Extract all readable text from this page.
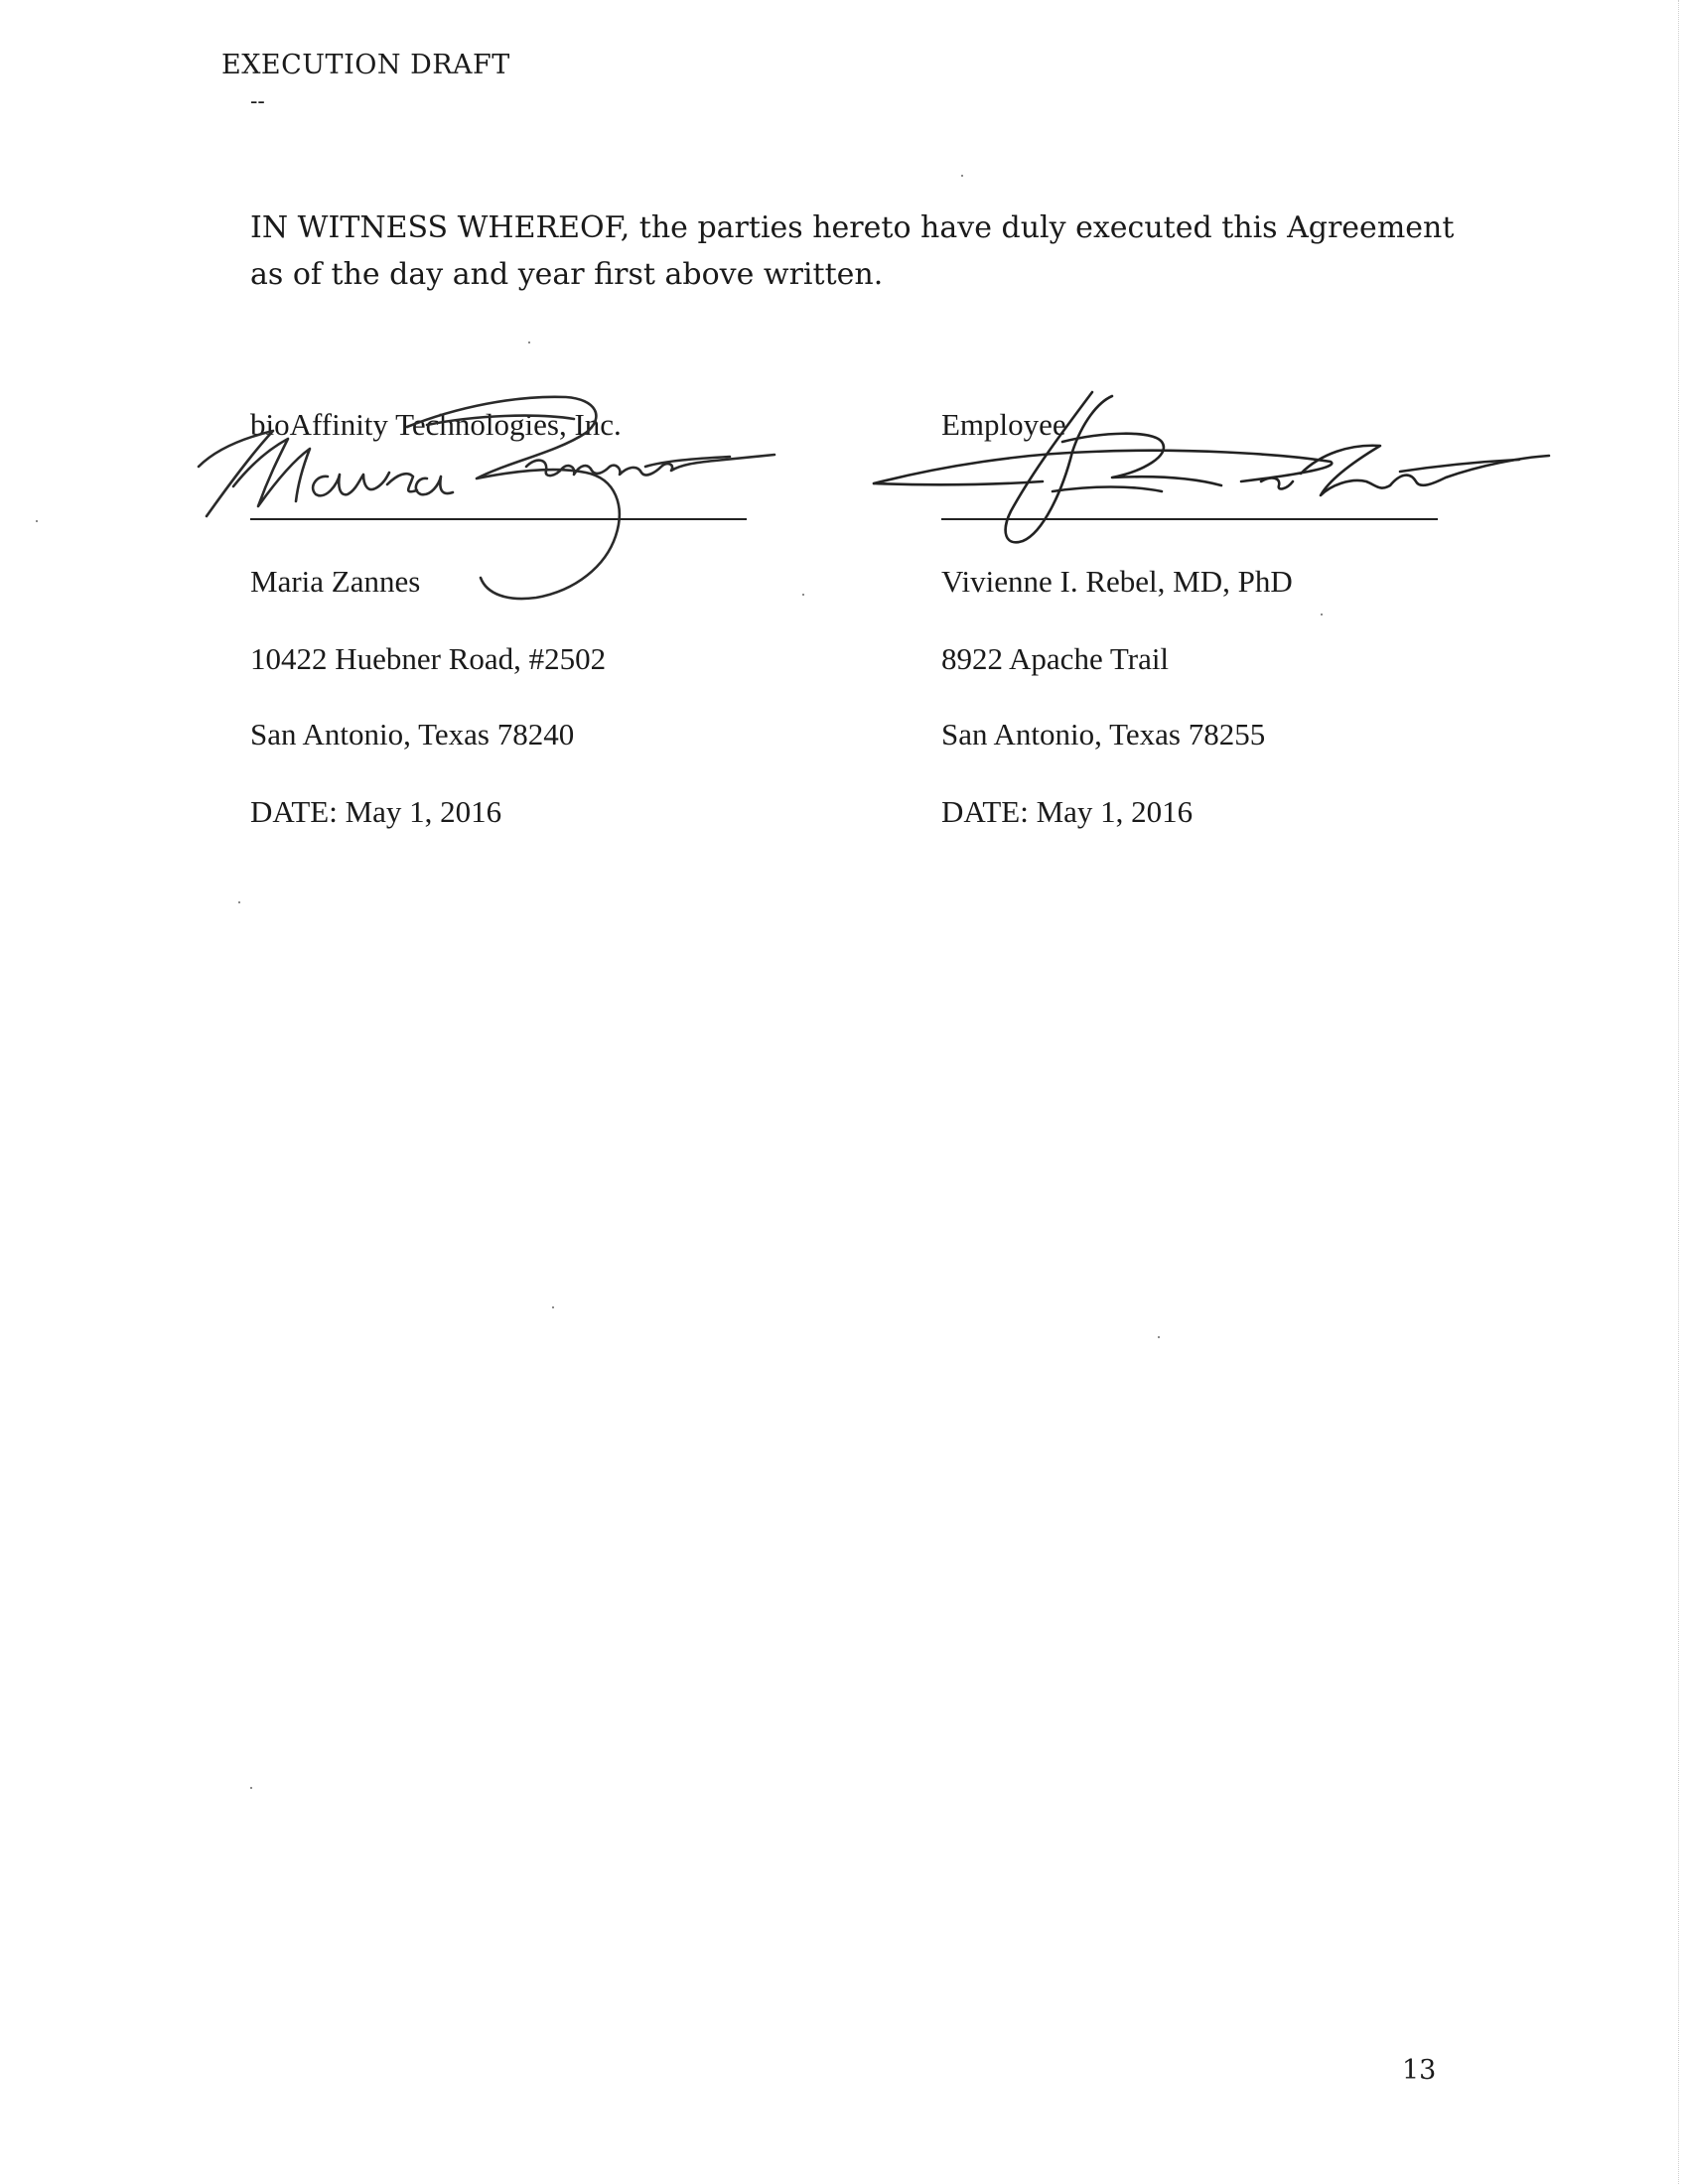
EXECUTION DRAFT
--
IN WITNESS WHEREOF, the parties hereto have duly executed this Agreement as of the day and year first above written.
bioAffinity Technologies, Inc.
Maria Zannes
10422 Huebner Road, #2502
San Antonio, Texas 78240
DATE: May 1, 2016
Employee
Vivienne I. Rebel, MD, PhD
8922 Apache Trail
San Antonio, Texas 78255
DATE: May 1, 2016
13
